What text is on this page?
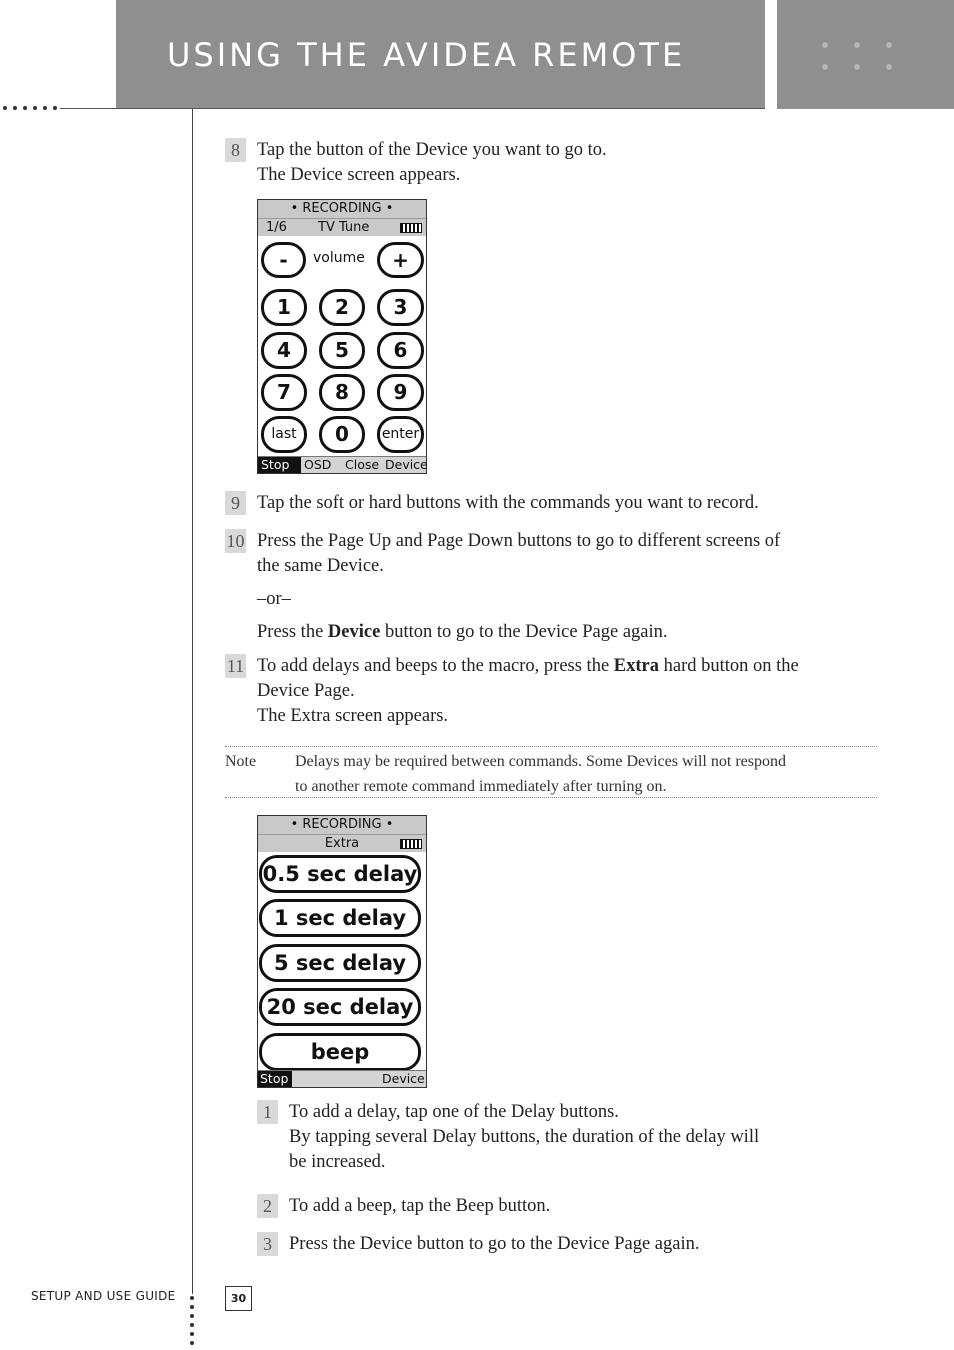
USING THE AVIDEA REMOTE
8 Tap the button of the Device you want to go to.
The Device screen appears.
• RECORDING •
1/6 TV Tune
-	volume	+
1	2	3
4	5	6
7	8	9
last	0	enter
Stop	OSD Close Device
9 Tap the soft or hard buttons with the commands you want to record.
10 Press the Page Up and Page Down buttons to go to different screens of
the same Device.
–or–
Press the Device button to go to the Device Page again.
11 To add delays and beeps to the macro, press the Extra hard button on the
Device Page.
The Extra screen appears.
Note Delays may be required between commands. Some Devices will not respond
to another remote command immediately after turning on.
• RECORDING •
Extra
0.5 sec delay
1 sec delay
5 sec delay
20 sec delay
beep
Stop	Device
1 To add a delay, tap one of the Delay buttons.
By tapping several Delay buttons, the duration of the delay will
be increased.
2 To add a beep, tap the Beep button.
3 Press the Device button to go to the Device Page again.
SETUP AND USE GUIDE	30
